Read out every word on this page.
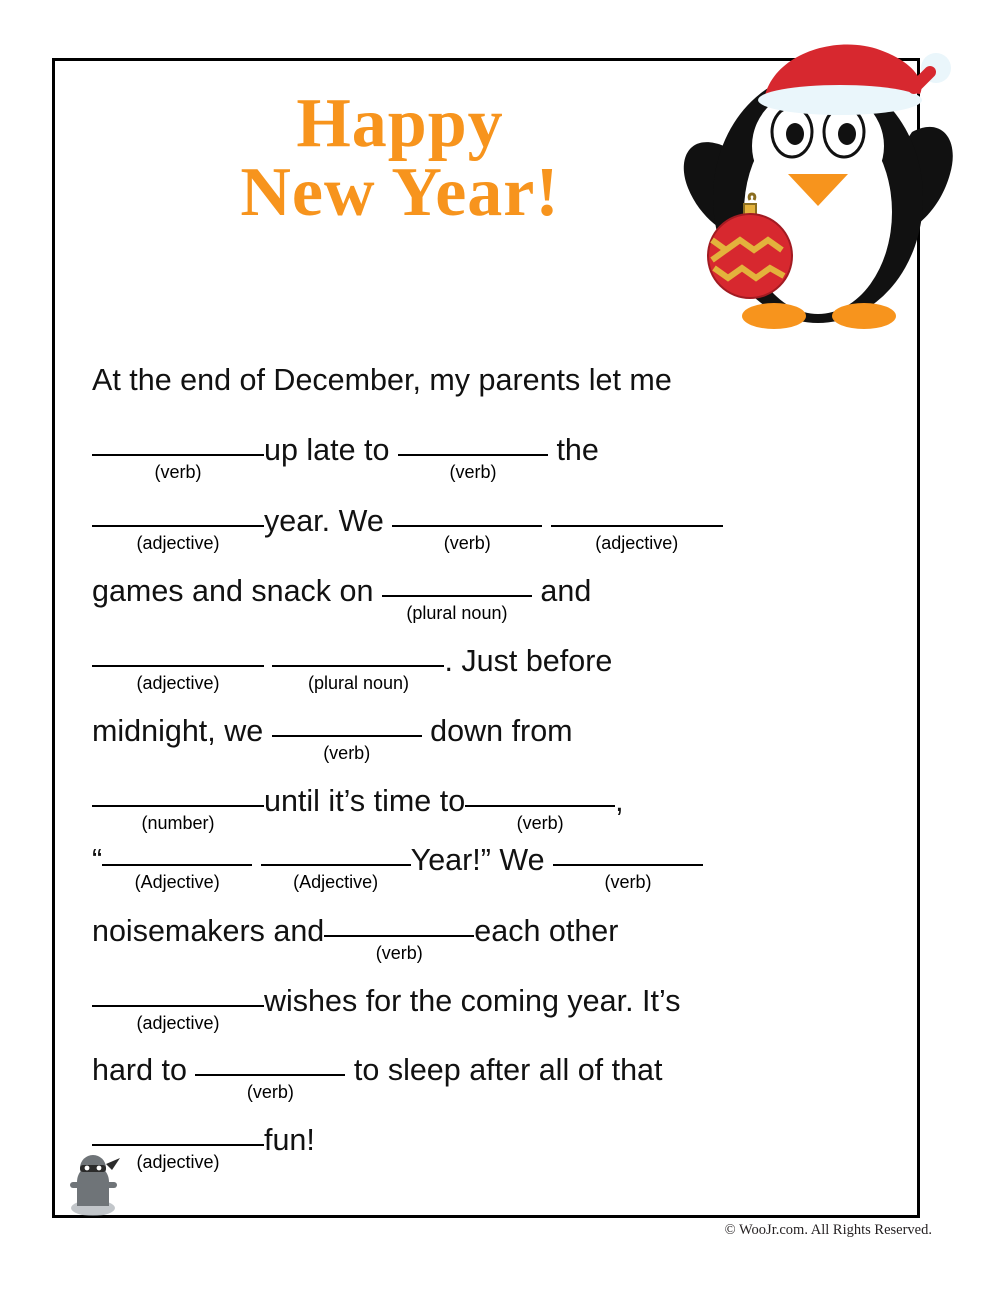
Happy
New Year!
At the end of December, my parents let me
(verb)
up late to
(verb)
the
(adjective)
year. We
(verb)
	(adjective)
games and snack on
(plural noun)
and
(adjective)
	(plural noun)
. Just before
midnight, we
(verb)
down from
(number)
until it’s time to
(verb)
,
“
(Adjective)
	(Adjective)
Year!” We
(verb)
noisemakers and
(verb)
each other
(adjective)
wishes for the coming year. It’s
hard to
(verb)
to sleep after all of that
(adjective)
fun!
© WooJr.com. All Rights Reserved.
